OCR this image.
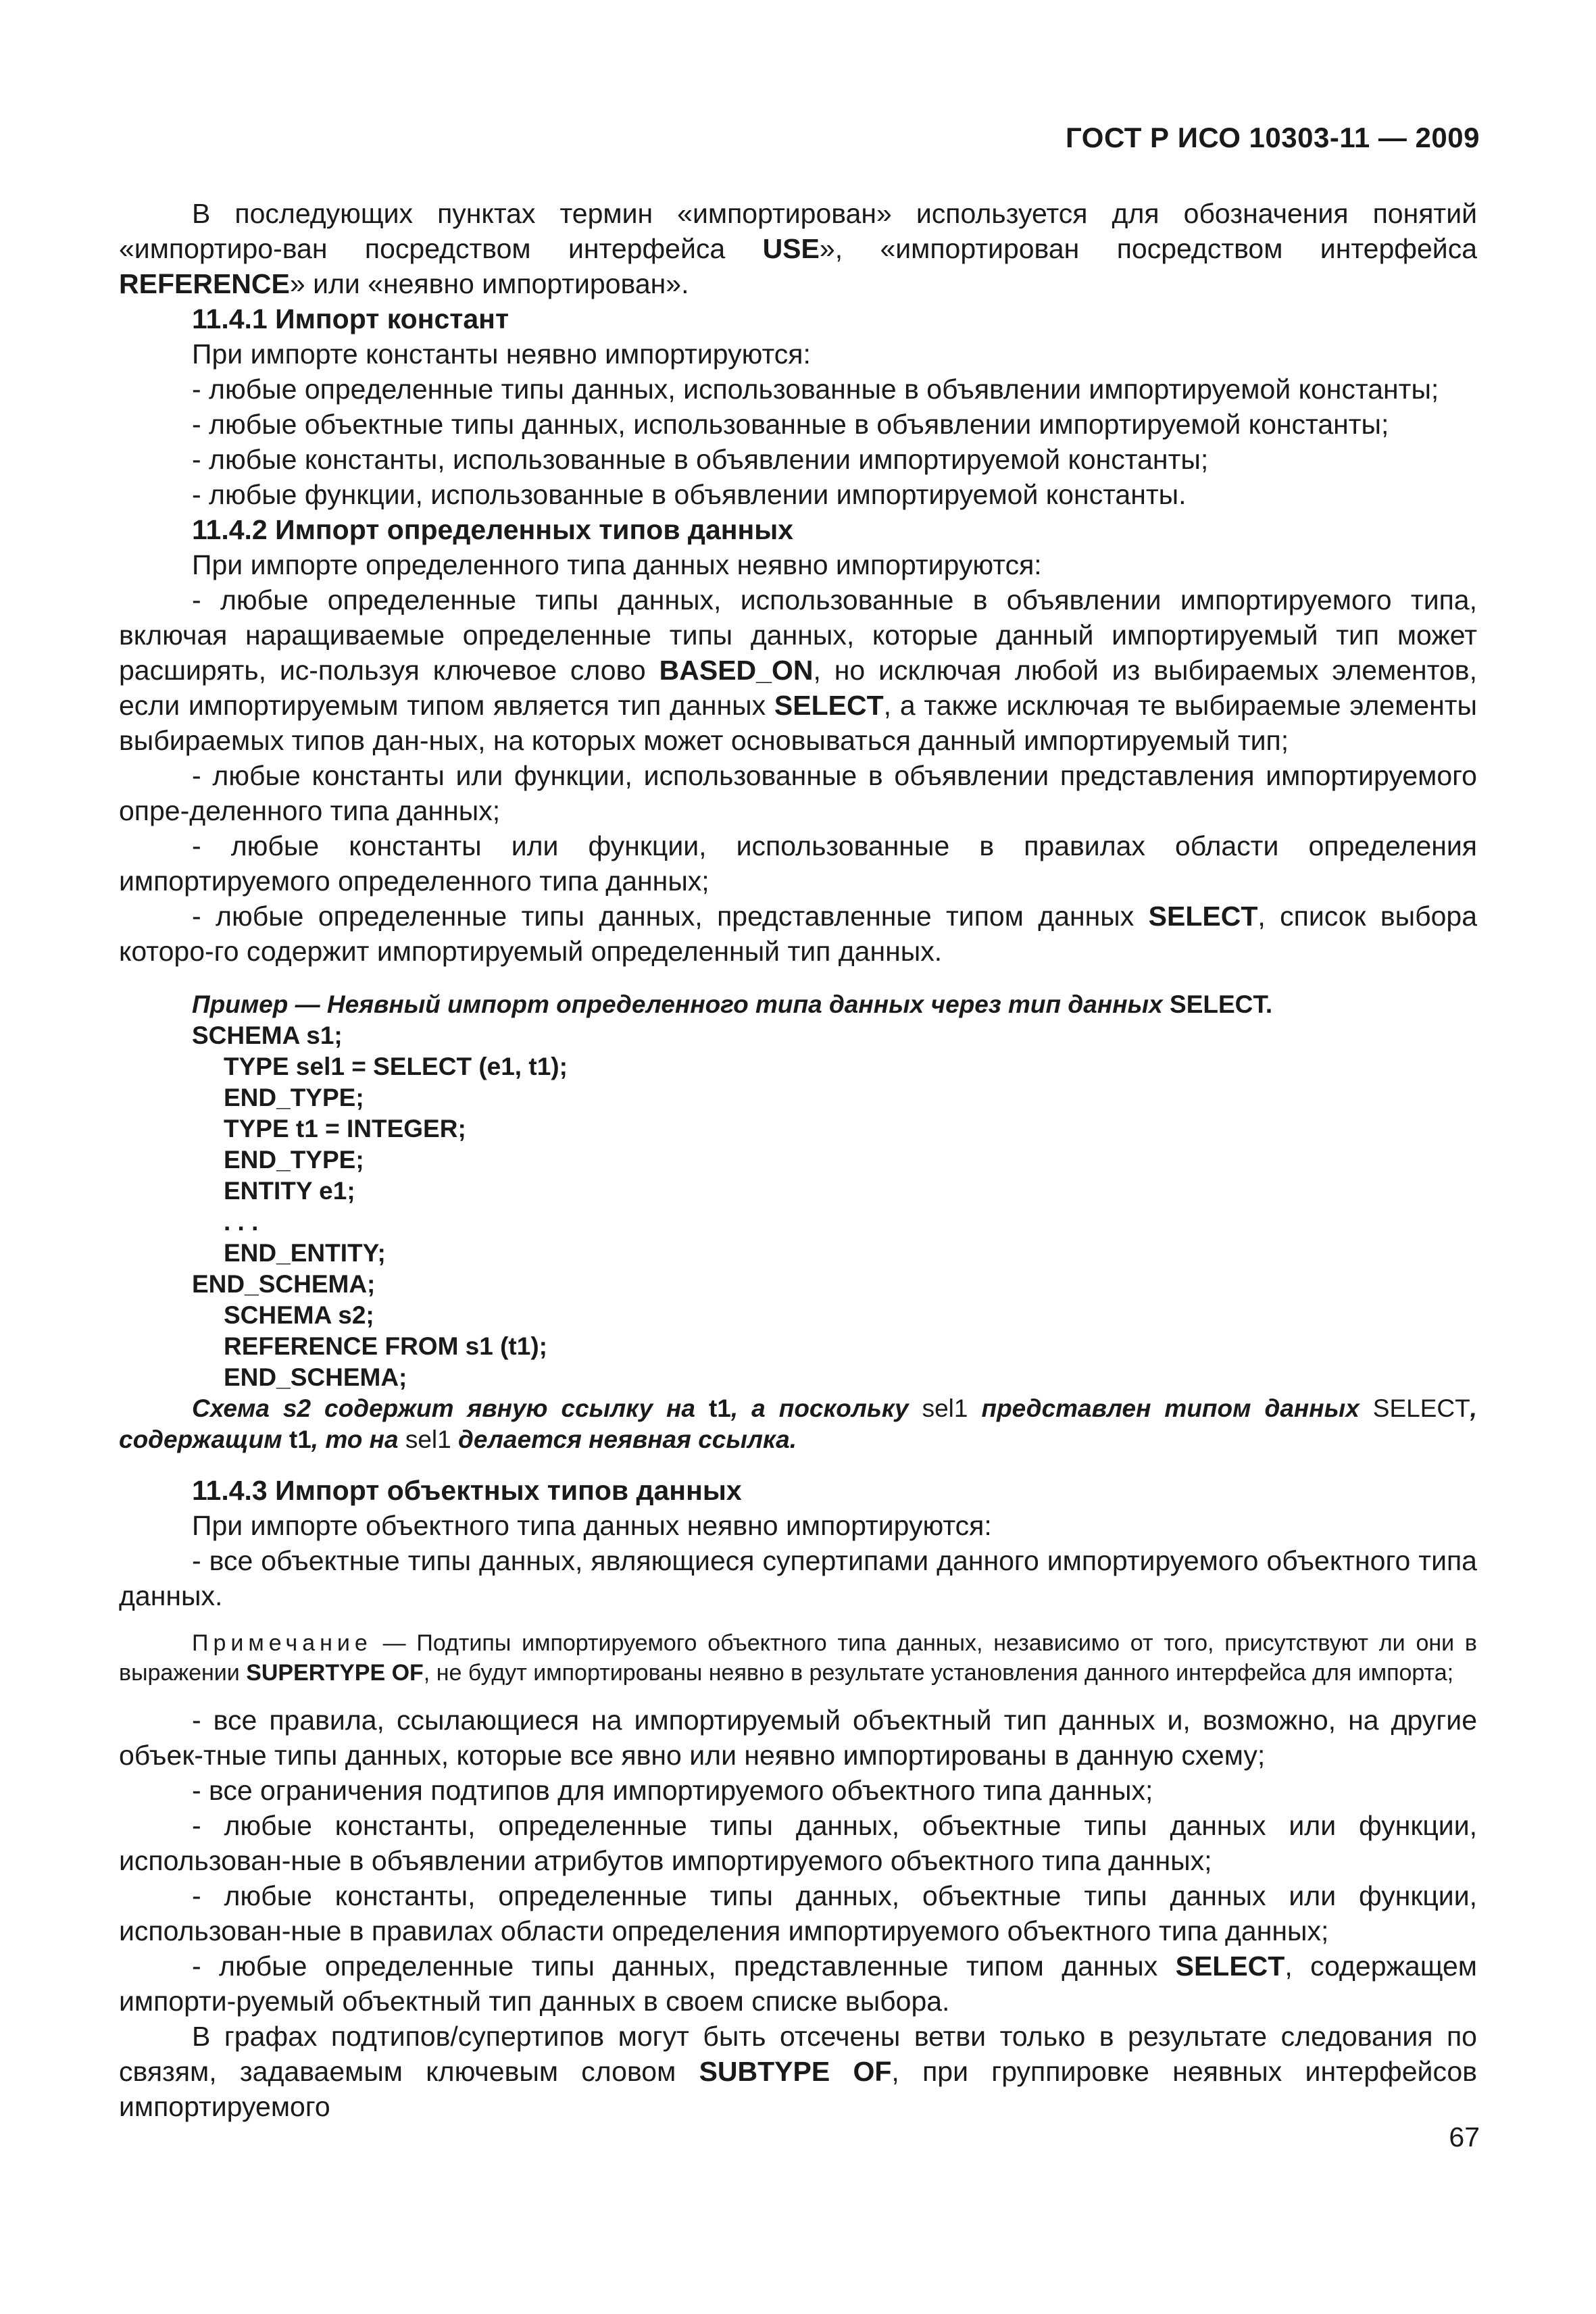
ГОСТ Р ИСО 10303-11 — 2009

В последующих пунктах термин «импортирован» используется для обозначения понятий «импортиро-ван посредством интерфейса USE», «импортирован посредством интерфейса REFERENCE» или «неявно импортирован».

11.4.1 Импорт констант

При импорте константы неявно импортируются:

- любые определенные типы данных, использованные в объявлении импортируемой константы;

- любые объектные типы данных, использованные в объявлении импортируемой константы;

- любые константы, использованные в объявлении импортируемой константы;

- любые функции, использованные в объявлении импортируемой константы.

11.4.2 Импорт определенных типов данных

При импорте определенного типа данных неявно импортируются:

- любые определенные типы данных, использованные в объявлении импортируемого типа, включая наращиваемые определенные типы данных, которые данный импортируемый тип может расширять, ис-пользуя ключевое слово BASED_ON, но исключая любой из выбираемых элементов, если импортируемым типом является тип данных SELECT, а также исключая те выбираемые элементы выбираемых типов дан-ных, на которых может основываться данный импортируемый тип;

- любые константы или функции, использованные в объявлении представления импортируемого опре-деленного типа данных;

- любые константы или функции, использованные в правилах области определения импортируемого определенного типа данных;

- любые определенные типы данных, представленные типом данных SELECT, список выбора которо-го содержит импортируемый определенный тип данных.

Пример — Неявный импорт определенного типа данных через тип данных SELECT.

SCHEMA s1;

TYPE sel1 = SELECT (e1, t1);

END_TYPE;

TYPE t1 = INTEGER;

END_TYPE;

ENTITY e1;

. . .

END_ENTITY;

END_SCHEMA;

SCHEMA s2;

REFERENCE FROM s1 (t1);

END_SCHEMA;

Схема s2 содержит явную ссылку на t1, а поскольку sel1 представлен типом данных SELECT, содержащим t1, то на sel1 делается неявная ссылка.

11.4.3 Импорт объектных типов данных

При импорте объектного типа данных неявно импортируются:

- все объектные типы данных, являющиеся супертипами данного импортируемого объектного типа данных.

Примечание — Подтипы импортируемого объектного типа данных, независимо от того, присутствуют ли они в выражении SUPERTYPE OF, не будут импортированы неявно в результате установления данного интерфейса для импорта;

- все правила, ссылающиеся на импортируемый объектный тип данных и, возможно, на другие объек-тные типы данных, которые все явно или неявно импортированы в данную схему;

- все ограничения подтипов для импортируемого объектного типа данных;

- любые константы, определенные типы данных, объектные типы данных или функции, использован-ные в объявлении атрибутов импортируемого объектного типа данных;

- любые константы, определенные типы данных, объектные типы данных или функции, использован-ные в правилах области определения импортируемого объектного типа данных;

- любые определенные типы данных, представленные типом данных SELECT, содержащем импорти-руемый объектный тип данных в своем списке выбора.

В графах подтипов/супертипов могут быть отсечены ветви только в результате следования по связям, задаваемым ключевым словом SUBTYPE OF, при группировке неявных интерфейсов импортируемого

67
